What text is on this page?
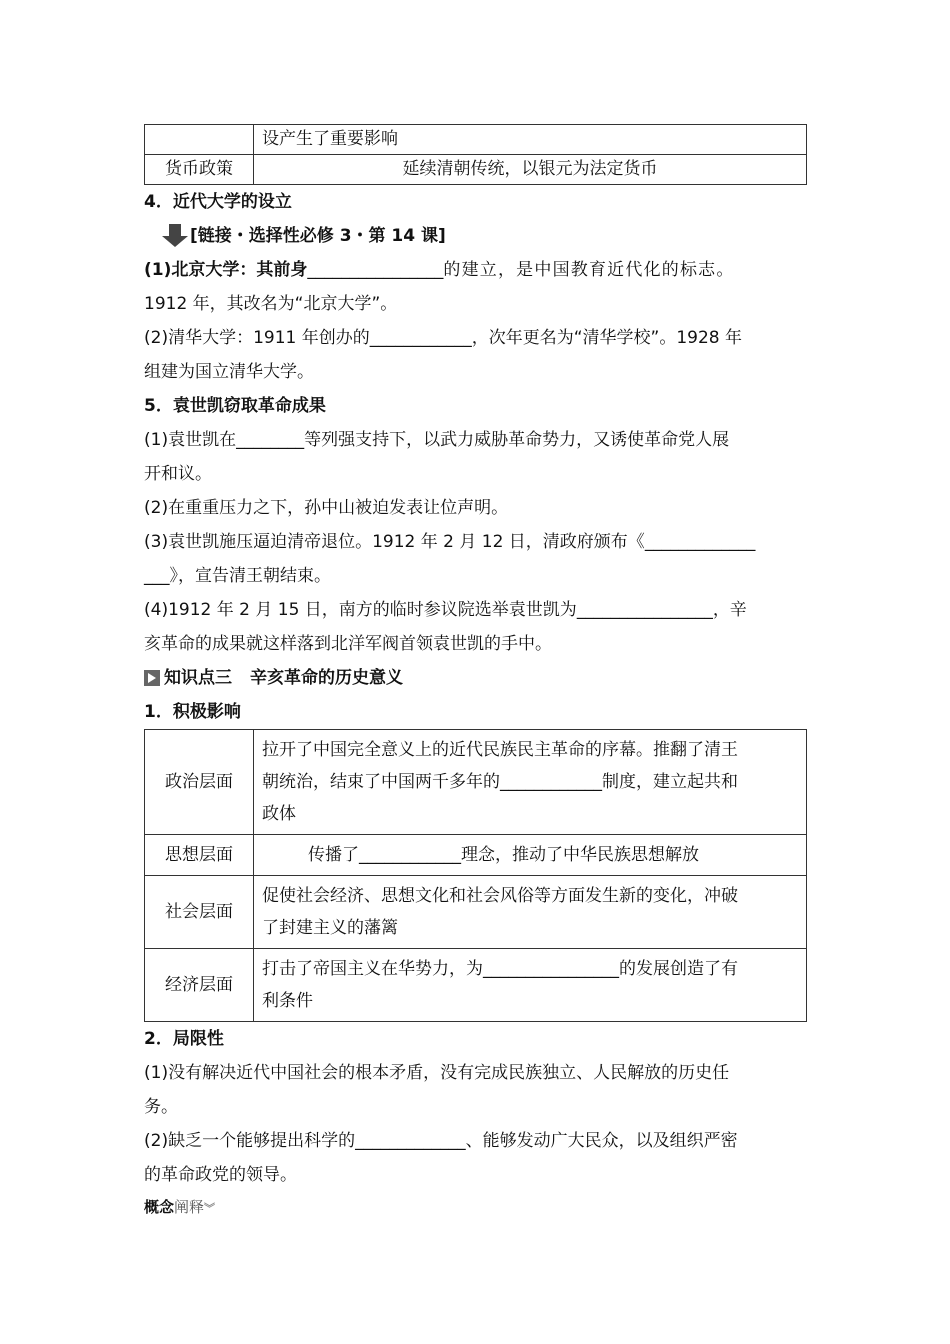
	设产生了重要影响
货币政策	延续清朝传统，以银元为法定货币

4．近代大学的设立

[链接・选择性必修 3・第 14 课]

(1)北京大学：其前身________________的建立，是中国教育近代化的标志。

1912 年，其改名为“北京大学”。

(2)清华大学：1911 年创办的____________，次年更名为“清华学校”。1928 年

组建为国立清华大学。

5．袁世凯窃取革命成果

(1)袁世凯在________等列强支持下，以武力威胁革命势力，又诱使革命党人展

开和议。

(2)在重重压力之下，孙中山被迫发表让位声明。

(3)袁世凯施压逼迫清帝退位。1912 年 2 月 12 日，清政府颁布《_____________

___》，宣告清王朝结束。

(4)1912 年 2 月 15 日，南方的临时参议院选举袁世凯为________________，辛

亥革命的成果就这样落到北洋军阀首领袁世凯的手中。

知识点三 辛亥革命的历史意义

1．积极影响

政治层面	拉开了中国完全意义上的近代民族民主革命的序幕。推翻了清王
朝统治，结束了中国两千多年的____________制度，建立起共和
政体
思想层面	传播了____________理念，推动了中华民族思想解放
社会层面	促使社会经济、思想文化和社会风俗等方面发生新的变化，冲破
了封建主义的藩篱
经济层面	打击了帝国主义在华势力，为________________的发展创造了有
利条件

2．局限性

(1)没有解决近代中国社会的根本矛盾，没有完成民族独立、人民解放的历史任

务。

(2)缺乏一个能够提出科学的_____________、能够发动广大民众，以及组织严密

的革命政党的领导。

概念阐释︾
